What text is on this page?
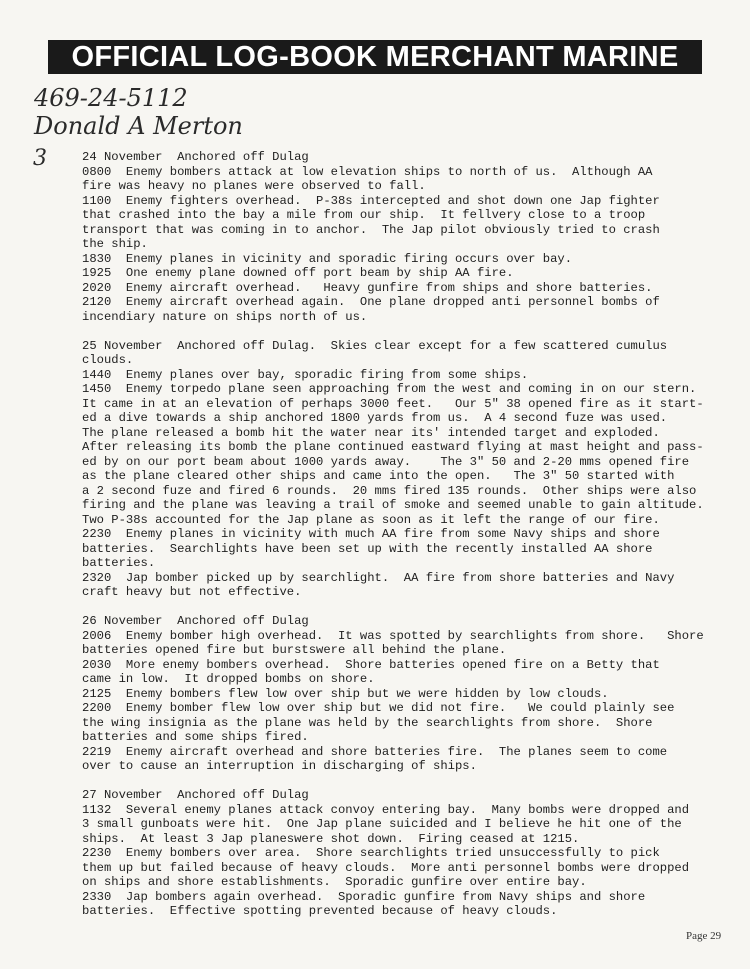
OFFICIAL LOG-BOOK MERCHANT MARINE
469-24-5112
Donald A Merton
3	24 November  Anchored off Dulag
0800  Enemy bombers attack at low elevation ships to north of us.  Although AA
fire was heavy no planes were observed to fall.
1100  Enemy fighters overhead.  P-38s intercepted and shot down one Jap fighter
that crashed into the bay a mile from our ship.  It fellvery close to a troop
transport that was coming in to anchor.  The Jap pilot obviously tried to crash
the ship.
1830  Enemy planes in vicinity and sporadic firing occurs over bay.
1925  One enemy plane downed off port beam by ship AA fire.
2020  Enemy aircraft overhead.   Heavy gunfire from ships and shore batteries.
2120  Enemy aircraft overhead again.  One plane dropped anti personnel bombs of
incendiary nature on ships north of us.
25 November  Anchored off Dulag.  Skies clear except for a few scattered cumulus
clouds.
1440  Enemy planes over bay, sporadic firing from some ships.
1450  Enemy torpedo plane seen approaching from the west and coming in on our stern.
It came in at an elevation of perhaps 3000 feet.   Our 5" 38 opened fire as it start-
ed a dive towards a ship anchored 1800 yards from us.  A 4 second fuze was used.
The plane released a bomb hit the water near its' intended target and exploded.
After releasing its bomb the plane continued eastward flying at mast height and pass-
ed by on our port beam about 1000 yards away.    The 3" 50 and 2-20 mms opened fire
as the plane cleared other ships and came into the open.   The 3" 50 started with
a 2 second fuze and fired 6 rounds.  20 mms fired 135 rounds.  Other ships were also
firing and the plane was leaving a trail of smoke and seemed unable to gain altitude.
Two P-38s accounted for the Jap plane as soon as it left the range of our fire.
2230  Enemy planes in vicinity with much AA fire from some Navy ships and shore
batteries.  Searchlights have been set up with the recently installed AA shore
batteries.
2320  Jap bomber picked up by searchlight.  AA fire from shore batteries and Navy
craft heavy but not effective.
26 November  Anchored off Dulag
2006  Enemy bomber high overhead.  It was spotted by searchlights from shore.   Shore
batteries opened fire but burstswere all behind the plane.
2030  More enemy bombers overhead.  Shore batteries opened fire on a Betty that
came in low.  It dropped bombs on shore.
2125  Enemy bombers flew low over ship but we were hidden by low clouds.
2200  Enemy bomber flew low over ship but we did not fire.   We could plainly see
the wing insignia as the plane was held by the searchlights from shore.  Shore
batteries and some ships fired.
2219  Enemy aircraft overhead and shore batteries fire.  The planes seem to come
over to cause an interruption in discharging of ships.
27 November  Anchored off Dulag
1132  Several enemy planes attack convoy entering bay.  Many bombs were dropped and
3 small gunboats were hit.  One Jap plane suicided and I believe he hit one of the
ships.  At least 3 Jap planeswere shot down.  Firing ceased at 1215.
2230  Enemy bombers over area.  Shore searchlights tried unsuccessfully to pick
them up but failed because of heavy clouds.  More anti personnel bombs were dropped
on ships and shore establishments.  Sporadic gunfire over entire bay.
2330  Jap bombers again overhead.  Sporadic gunfire from Navy ships and shore
batteries.  Effective spotting prevented because of heavy clouds.
Page 29
